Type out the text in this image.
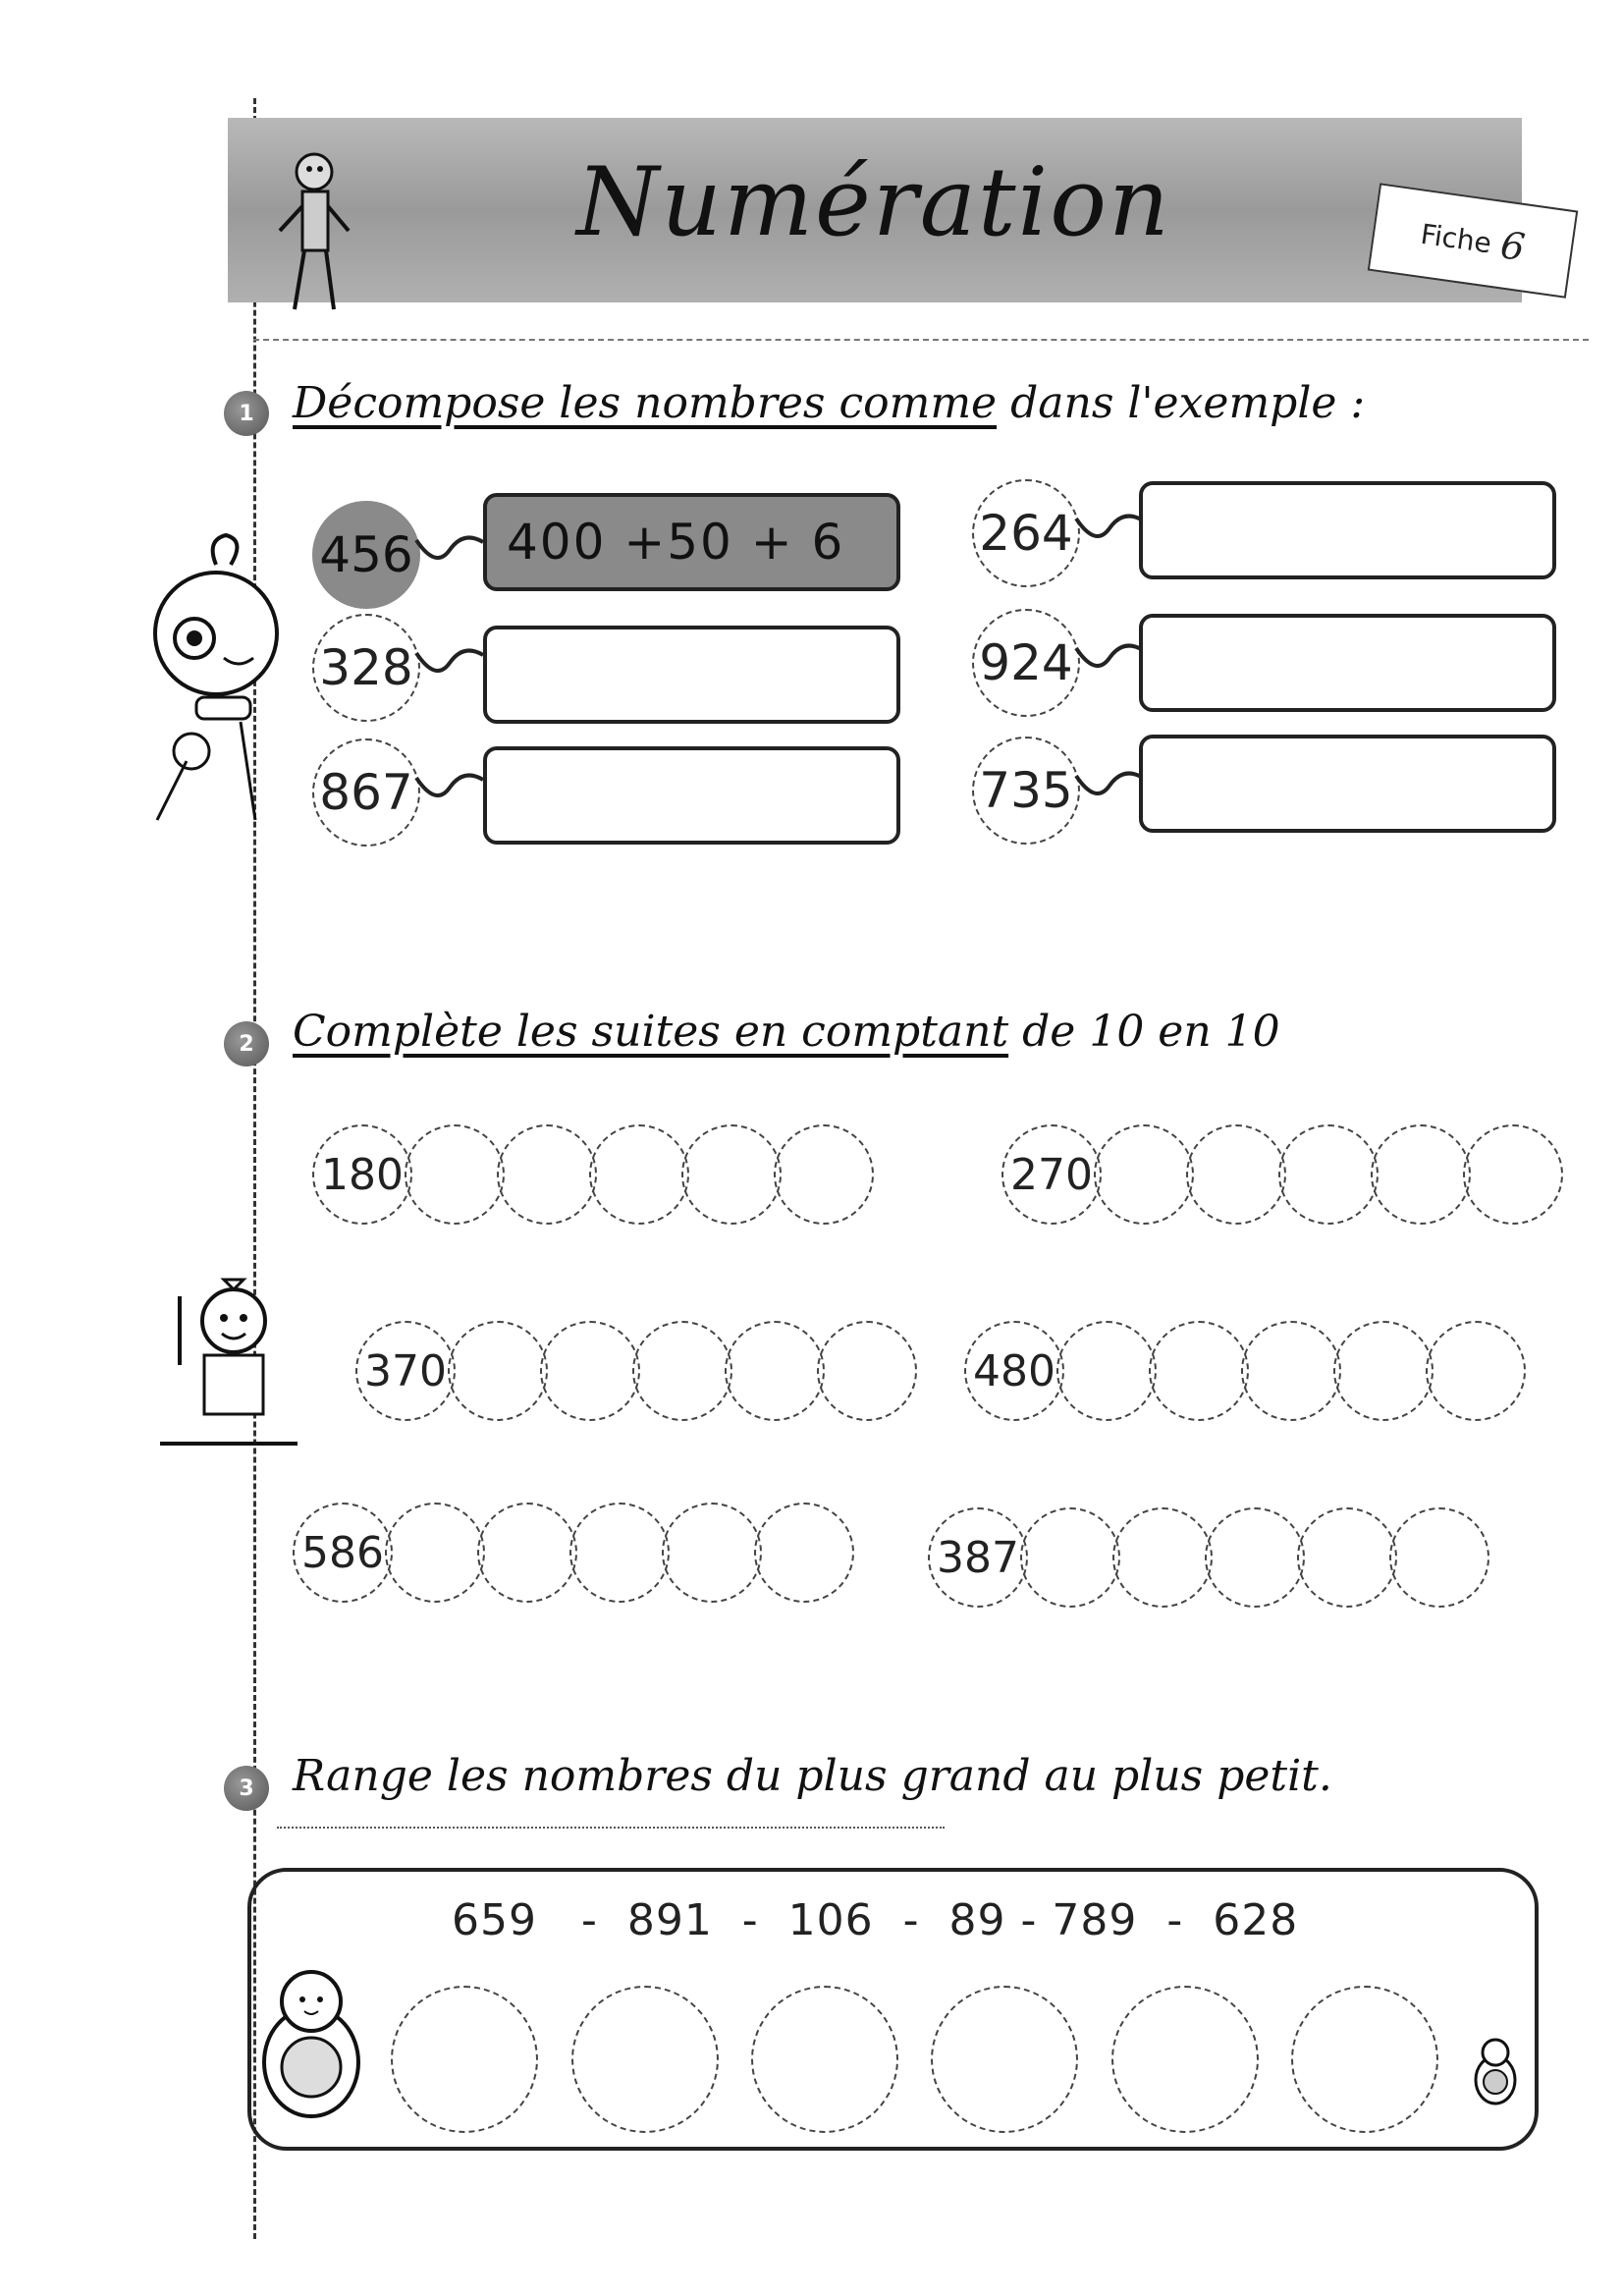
Numération	Fiche 6
1 Décompose les nombres comme dans l'exemple :
456	400 +50 + 6
328
867
264
924
735
2 Complète les suites en comptant de 10 en 10
180	270
370	480
586	387
3 Range les nombres du plus grand au plus petit.
659 - 891 - 106 - 89 - 789 - 628
